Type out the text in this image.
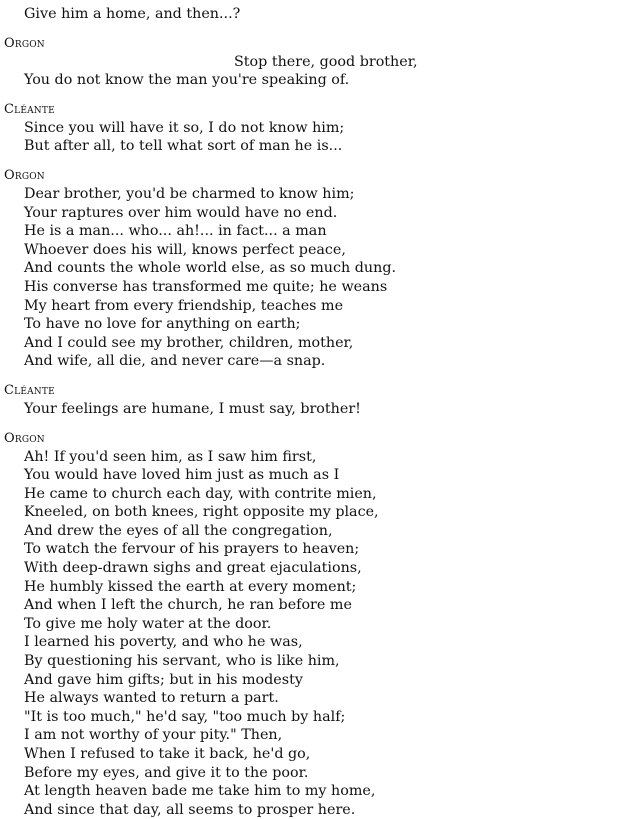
Give him a home, and then...?
Orgon
Stop there, good brother,
You do not know the man you're speaking of.
Cléante
Since you will have it so, I do not know him;
But after all, to tell what sort of man he is...
Orgon
Dear brother, you'd be charmed to know him;
Your raptures over him would have no end.
He is a man... who... ah!... in fact... a man
Whoever does his will, knows perfect peace,
And counts the whole world else, as so much dung.
His converse has transformed me quite; he weans
My heart from every friendship, teaches me
To have no love for anything on earth;
And I could see my brother, children, mother,
And wife, all die, and never care—a snap.
Cléante
Your feelings are humane, I must say, brother!
Orgon
Ah! If you'd seen him, as I saw him first,
You would have loved him just as much as I
He came to church each day, with contrite mien,
Kneeled, on both knees, right opposite my place,
And drew the eyes of all the congregation,
To watch the fervour of his prayers to heaven;
With deep-drawn sighs and great ejaculations,
He humbly kissed the earth at every moment;
And when I left the church, he ran before me
To give me holy water at the door.
I learned his poverty, and who he was,
By questioning his servant, who is like him,
And gave him gifts; but in his modesty
He always wanted to return a part.
"It is too much," he'd say, "too much by half;
I am not worthy of your pity." Then,
When I refused to take it back, he'd go,
Before my eyes, and give it to the poor.
At length heaven bade me take him to my home,
And since that day, all seems to prosper here.
